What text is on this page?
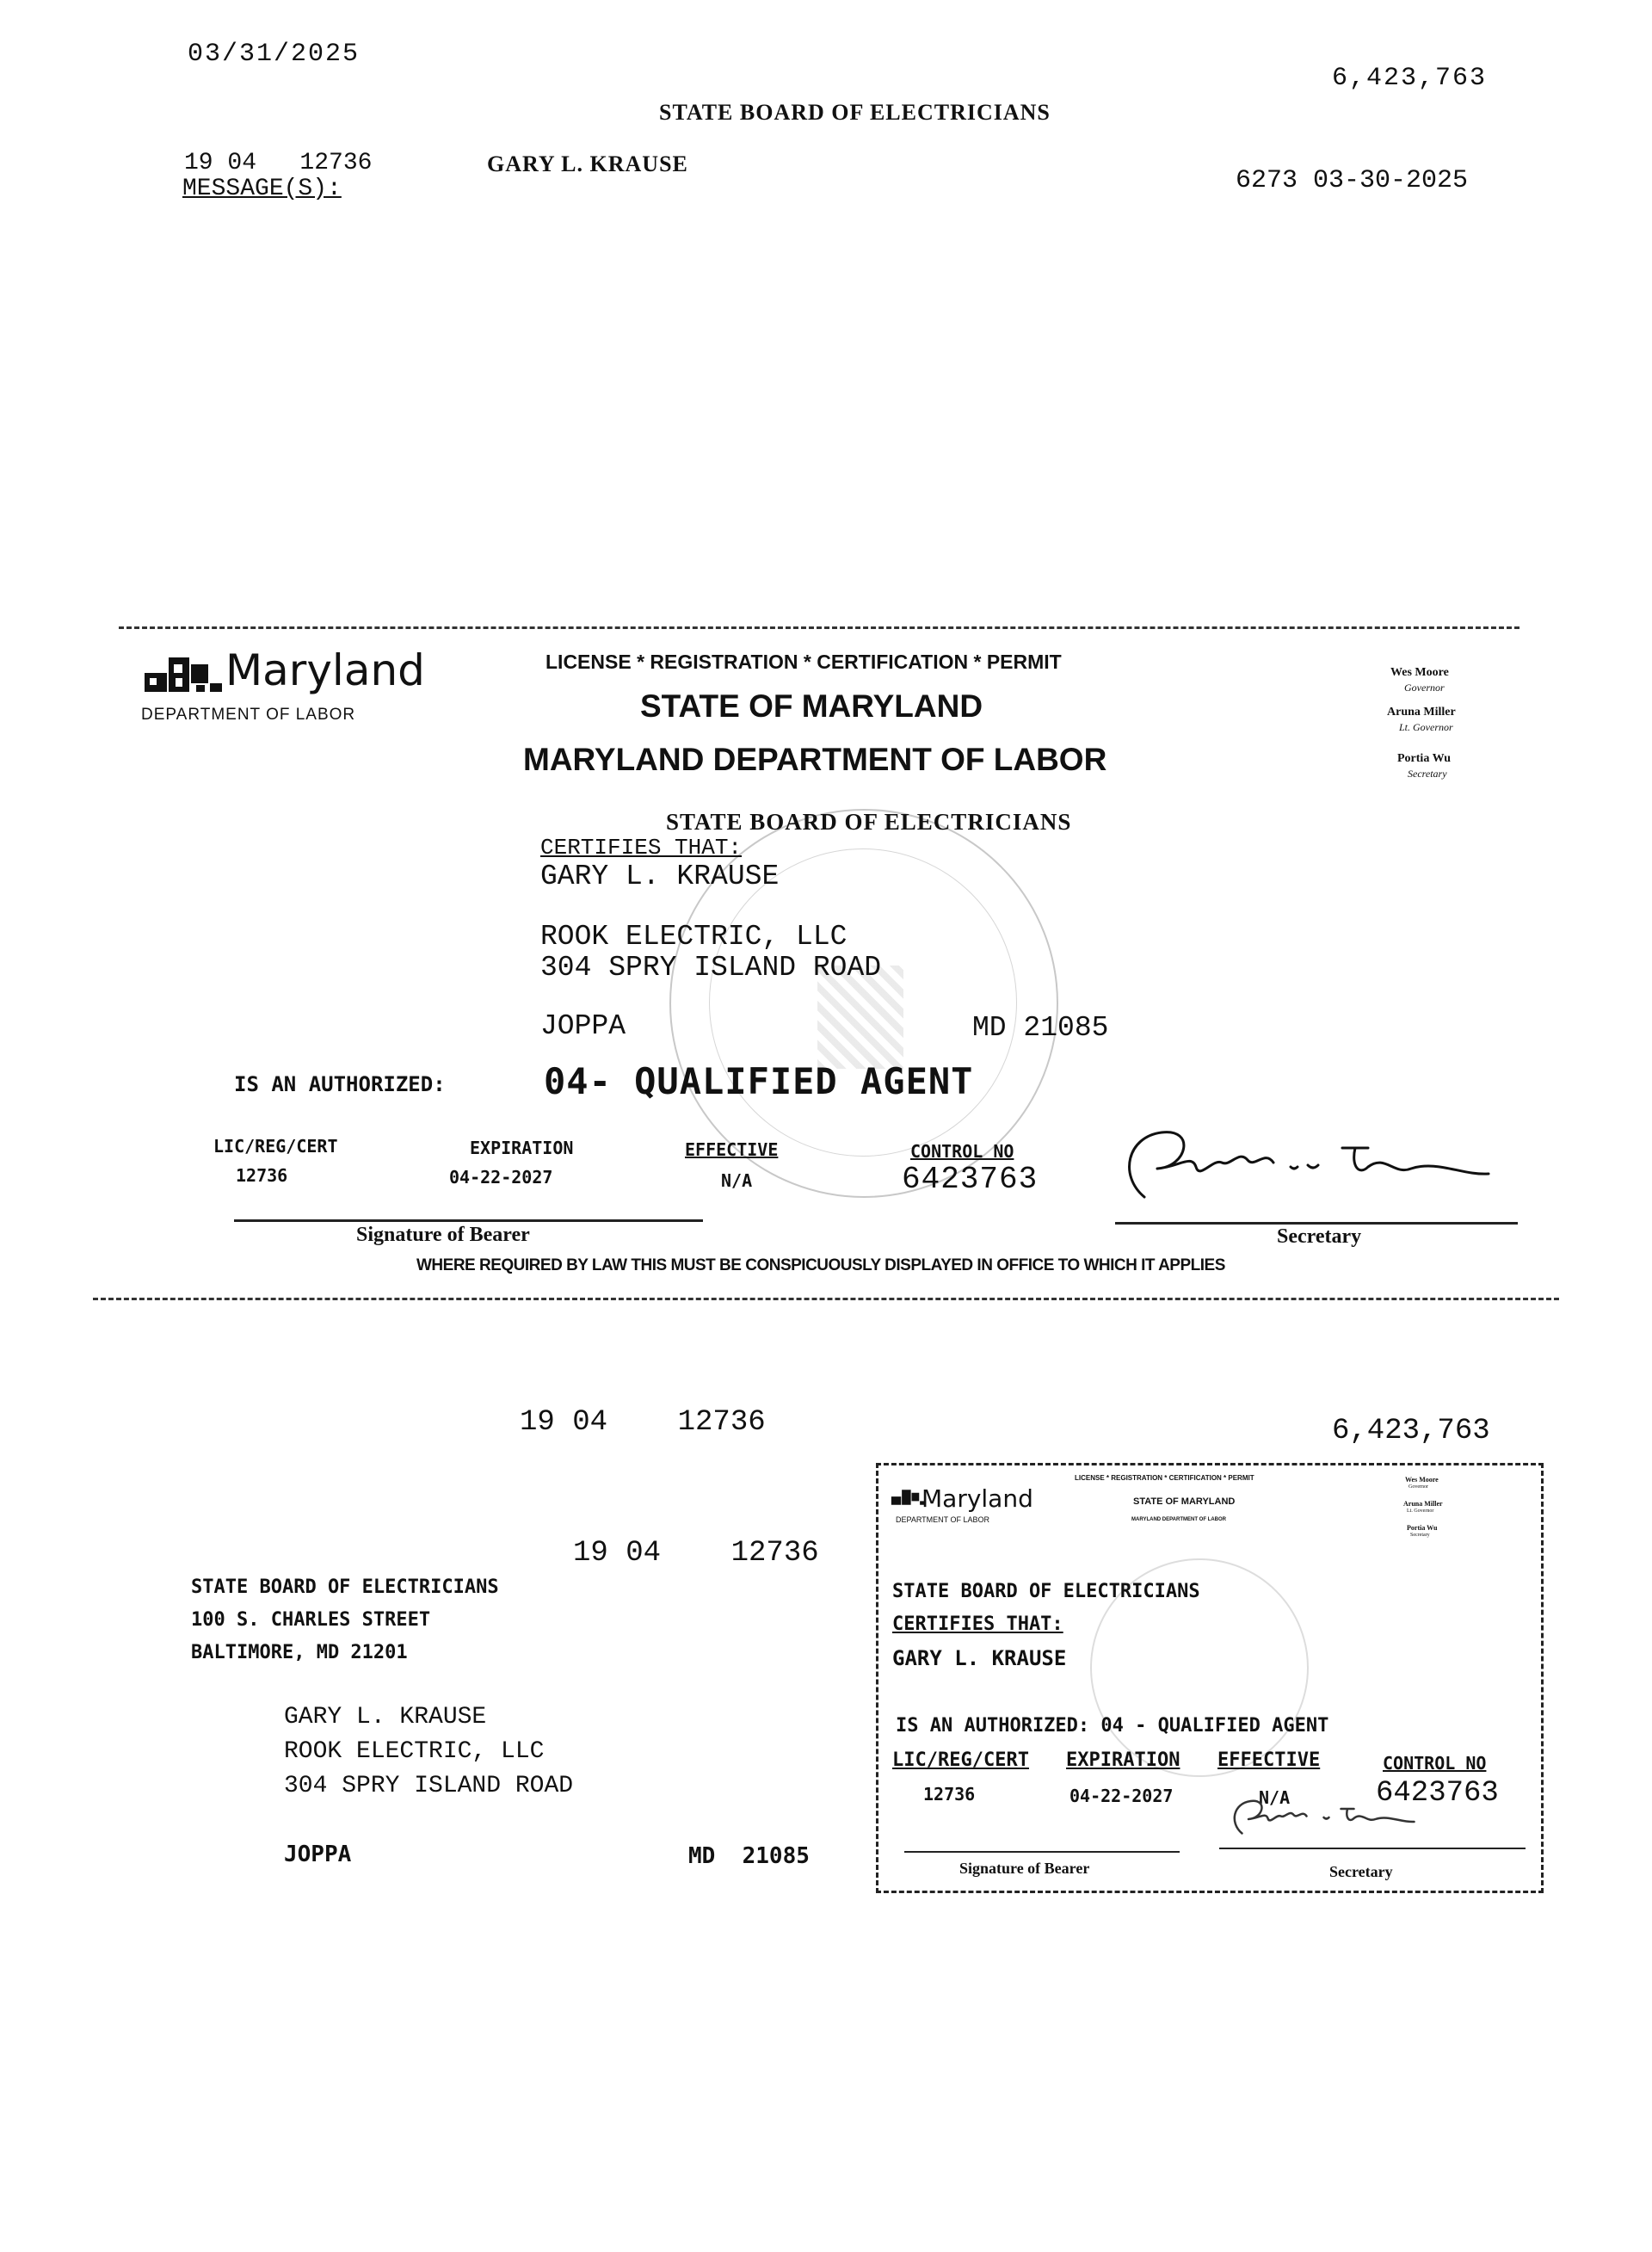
03/31/2025
6,423,763
STATE BOARD OF ELECTRICIANS
19 04   12736	GARY L. KRAUSE
6273 03-30-2025
MESSAGE(S):
Maryland
DEPARTMENT OF LABOR
LICENSE * REGISTRATION * CERTIFICATION * PERMIT
STATE OF MARYLAND
MARYLAND DEPARTMENT OF LABOR
Wes Moore
Governor
Aruna Miller
Lt. Governor
Portia Wu
Secretary
STATE BOARD OF ELECTRICIANS
CERTIFIES THAT:
GARY L. KRAUSE
ROOK ELECTRIC, LLC
304 SPRY ISLAND ROAD
JOPPA	MD 21085
IS AN AUTHORIZED:	04- QUALIFIED AGENT
LIC/REG/CERT
12736
EXPIRATION
04-22-2027
EFFECTIVE
N/A
CONTROL NO
6423763
Signature of Bearer	Secretary
WHERE REQUIRED BY LAW THIS MUST BE CONSPICUOUSLY DISPLAYED IN OFFICE TO WHICH IT APPLIES
19 04    12736	6,423,763
19 04    12736
STATE BOARD OF ELECTRICIANS
100 S. CHARLES STREET
BALTIMORE, MD 21201
GARY L. KRAUSE
ROOK ELECTRIC, LLC
304 SPRY ISLAND ROAD
JOPPA	MD  21085
Maryland
DEPARTMENT OF LABOR
LICENSE * REGISTRATION * CERTIFICATION * PERMIT
STATE OF MARYLAND
MARYLAND DEPARTMENT OF LABOR
Wes Moore
Governor
Aruna Miller
Lt. Governor
Portia Wu
Secretary
STATE BOARD OF ELECTRICIANS
CERTIFIES THAT:
GARY L. KRAUSE
IS AN AUTHORIZED: 04 - QUALIFIED AGENT
LIC/REG/CERT EXPIRATION EFFECTIVE	CONTROL NO
12736	04-22-2027	N/A	6423763
Signature of Bearer	Secretary
